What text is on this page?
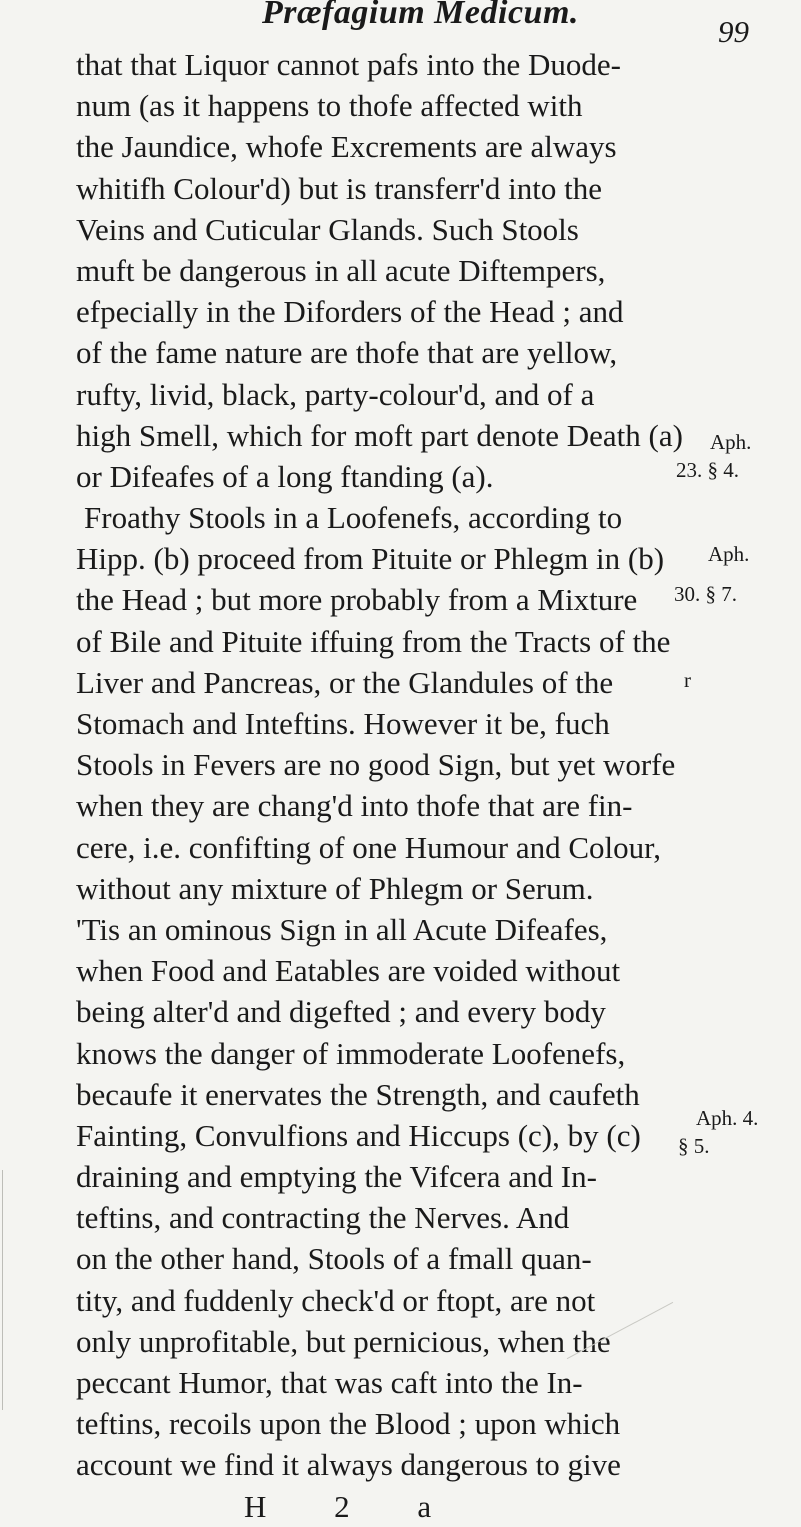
Præfagium Medicum.
99
that that Liquor cannot pafs into the Duode-
num (as it happens to thofe affected with
the Jaundice, whofe Excrements are always
whitifh Colour'd) but is transferr'd into the
Veins and Cuticular Glands. Such Stools
muft be dangerous in all acute Diftempers,
efpecially in the Diforders of the Head ; and
of the fame nature are thofe that are yellow,
rufty, livid, black, party-colour'd, and of a
high Smell, which for moft part denote Death (a)
or Difeafes of a long ftanding (a).
Froathy Stools in a Loofenefs, according to
Hipp. (b) proceed from Pituite or Phlegm in (b)
the Head ; but more probably from a Mixture
of Bile and Pituite iffuing from the Tracts of the
Liver and Pancreas, or the Glandules of the
Stomach and Inteftins. However it be, fuch
Stools in Fevers are no good Sign, but yet worfe
when they are chang'd into thofe that are fin-
cere, i.e. confifting of one Humour and Colour,
without any mixture of Phlegm or Serum.
'Tis an ominous Sign in all Acute Difeafes,
when Food and Eatables are voided without
being alter'd and digefted ; and every body
knows the danger of immoderate Loofenefs,
becaufe it enervates the Strength, and caufeth
Fainting, Convulfions and Hiccups (c), by (c)
draining and emptying the Vifcera and In-
teftins, and contracting the Nerves. And
on the other hand, Stools of a fmall quan-
tity, and fuddenly check'd or ftopt, are not
only unprofitable, but pernicious, when the
peccant Humor, that was caft into the In-
teftins, recoils upon the Blood ; upon which
account we find it always dangerous to give
H 2 a
Aph.
23. § 4.
Aph.
30. § 7.
r
Aph. 4.
§ 5.
